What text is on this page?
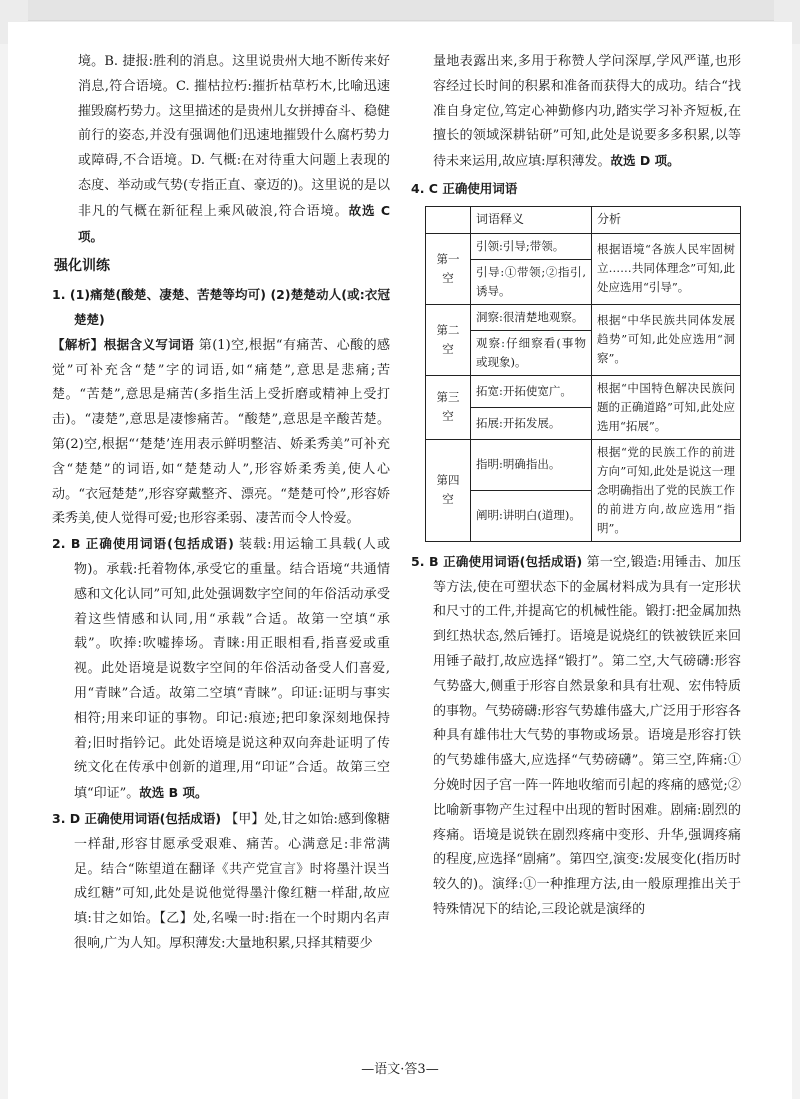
境。B. 捷报:胜利的消息。这里说贵州大地不断传来好消息,符合语境。C. 摧枯拉朽:摧折枯草朽木,比喻迅速摧毁腐朽势力。这里描述的是贵州儿女拼搏奋斗、稳健前行的姿态,并没有强调他们迅速地摧毁什么腐朽势力或障碍,不合语境。D. 气概:在对待重大问题上表现的态度、举动或气势(专指正直、豪迈的)。这里说的是以非凡的气概在新征程上乘风破浪,符合语境。故选 C 项。

强化训练

1. (1)痛楚(酸楚、凄楚、苦楚等均可) (2)楚楚动人(或:衣冠楚楚)

【解析】根据含义写词语 第(1)空,根据“有痛苦、心酸的感觉”可补充含“楚”字的词语,如“痛楚”,意思是悲痛;苦楚。“苦楚”,意思是痛苦(多指生活上受折磨或精神上受打击)。“凄楚”,意思是凄惨痛苦。“酸楚”,意思是辛酸苦楚。第(2)空,根据“‘楚楚’连用表示鲜明整洁、娇柔秀美”可补充含“楚楚”的词语,如“楚楚动人”,形容娇柔秀美,使人心动。“衣冠楚楚”,形容穿戴整齐、漂亮。“楚楚可怜”,形容娇柔秀美,使人觉得可爱;也形容柔弱、凄苦而令人怜爱。

2. B 正确使用词语(包括成语) 装载:用运输工具载(人或物)。承载:托着物体,承受它的重量。结合语境“共通情感和文化认同”可知,此处强调数字空间的年俗活动承受着这些情感和认同,用“承载”合适。故第一空填“承载”。吹捧:吹嘘捧场。青睐:用正眼相看,指喜爱或重视。此处语境是说数字空间的年俗活动备受人们喜爱,用“青睐”合适。故第二空填“青睐”。印证:证明与事实相符;用来印证的事物。印记:痕迹;把印象深刻地保持着;旧时指钤记。此处语境是说这种双向奔赴证明了传统文化在传承中创新的道理,用“印证”合适。故第三空填“印证”。故选 B 项。

3. D 正确使用词语(包括成语) 【甲】处,甘之如饴:感到像糖一样甜,形容甘愿承受艰难、痛苦。心满意足:非常满足。结合“陈望道在翻译《共产党宣言》时将墨汁误当成红糖”可知,此处是说他觉得墨汁像红糖一样甜,故应填:甘之如饴。【乙】处,名噪一时:指在一个时期内名声很响,广为人知。厚积薄发:大量地积累,只择其精要少

量地表露出来,多用于称赞人学问深厚,学风严谨,也形容经过长时间的积累和准备而获得大的成功。结合“找准自身定位,笃定心神勤修内功,踏实学习补齐短板,在擅长的领域深耕钻研”可知,此处是说要多多积累,以等待未来运用,故应填:厚积薄发。故选 D 项。

4. C 正确使用词语

	词语释义	分析
第一空	引领:引导;带领。	根据语境“各族人民牢固树立……共同体理念”可知,此处应选用“引导”。
	引导:①带领;②指引,诱导。	
第二空	洞察:很清楚地观察。	根据“中华民族共同体发展趋势”可知,此处应选用“洞察”。
	观察:仔细察看(事物或现象)。	
第三空	拓宽:开拓使宽广。	根据“中国特色解决民族问题的正确道路”可知,此处应选用“拓展”。
	拓展:开拓发展。	
第四空	指明:明确指出。	根据“党的民族工作的前进方向”可知,此处是说这一理念明确指出了党的民族工作的前进方向,故应选用“指明”。
	阐明:讲明白(道理)。	

5. B 正确使用词语(包括成语) 第一空,锻造:用锤击、加压等方法,使在可塑状态下的金属材料成为具有一定形状和尺寸的工件,并提高它的机械性能。锻打:把金属加热到红热状态,然后锤打。语境是说烧红的铁被铁匠来回用锤子敲打,故应选择“锻打”。第二空,大气磅礴:形容气势盛大,侧重于形容自然景象和具有壮观、宏伟特质的事物。气势磅礴:形容气势雄伟盛大,广泛用于形容各种具有雄伟壮大气势的事物或场景。语境是形容打铁的气势雄伟盛大,应选择“气势磅礴”。第三空,阵痛:①分娩时因子宫一阵一阵地收缩而引起的疼痛的感觉;②比喻新事物产生过程中出现的暂时困难。剧痛:剧烈的疼痛。语境是说铁在剧烈疼痛中变形、升华,强调疼痛的程度,应选择“剧痛”。第四空,演变:发展变化(指历时较久的)。演绎:①一种推理方法,由一般原理推出关于特殊情况下的结论,三段论就是演绎的

—语文·答3—
